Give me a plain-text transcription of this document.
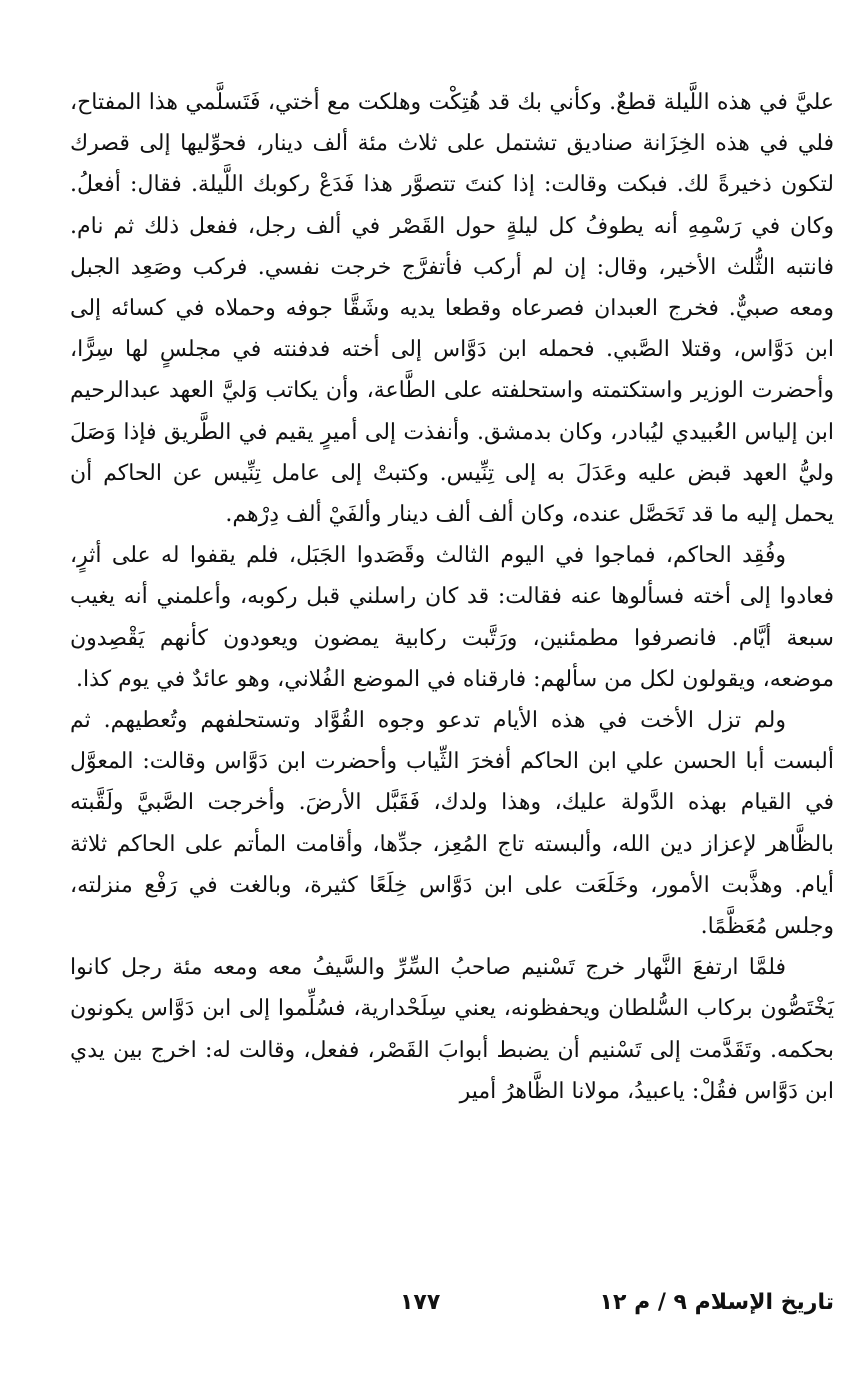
عليَّ في هذه اللَّيلة قطعٌ. وكأني بك قد هُتِكْت وهلكت مع أختي، فَتَسلَّمي هذا المفتاح، فلي في هذه الخِزَانة صناديق تشتمل على ثلاث مئة ألف دينار، فحوِّليها إلى قصرك لتكون ذخيرةً لك. فبكت وقالت: إذا كنتَ تتصوَّر هذا فَدَعْ ركوبك اللَّيلة. فقال: أفعلُ. وكان في رَسْمِهِ أنه يطوفُ كل ليلةٍ حول القَصْر في ألف رجل، ففعل ذلك ثم نام. فانتبه الثُّلث الأخير، وقال: إن لم أركب فأتفرَّج خرجت نفسي. فركب وصَعِد الجبل ومعه صبيٌّ. فخرج العبدان فصرعاه وقطعا يديه وشَقَّا جوفه وحملاه في كسائه إلى ابن دَوَّاس، وقتلا الصَّبي. فحمله ابن دَوَّاس إلى أخته فدفنته في مجلسٍ لها سِرًّا، وأحضرت الوزير واستكتمته واستحلفته على الطَّاعة، وأن يكاتب وَليَّ العهد عبدالرحيم ابن إلياس العُبيدي ليُبادر، وكان بدمشق. وأنفذت إلى أميرٍ يقيم في الطَّريق فإذا وَصَلَ وليُّ العهد قبض عليه وعَدَلَ به إلى تِنِّيس. وكتبتْ إلى عامل تِنِّيس عن الحاكم أن يحمل إليه ما قد تَحَصَّل عنده، وكان ألف ألف دينار وألفَيْ ألف دِرْهم.

وفُقِد الحاكم، فماجوا في اليوم الثالث وقَصَدوا الجَبَل، فلم يقفوا له على أثرٍ، فعادوا إلى أخته فسألوها عنه فقالت: قد كان راسلني قبل ركوبه، وأعلمني أنه يغيب سبعة أيَّام. فانصرفوا مطمئنين، ورَتَّبت ركابية يمضون ويعودون كأنهم يَقْصِدون موضعه، ويقولون لكل من سألهم: فارقناه في الموضع الفُلاني، وهو عائدٌ في يوم كذا.

ولم تزل الأخت في هذه الأيام تدعو وجوه القُوَّاد وتستحلفهم وتُعطيهم. ثم ألبست أبا الحسن علي ابن الحاكم أفخرَ الثِّياب وأحضرت ابن دَوَّاس وقالت: المعوَّل في القيام بهذه الدَّولة عليك، وهذا ولدك، فَقَبَّل الأرضَ. وأخرجت الصَّبيَّ ولَقَّبته بالظَّاهر لإعزاز دين الله، وألبسته تاج المُعِز، جدِّها، وأقامت المأتم على الحاكم ثلاثة أيام. وهذَّبت الأمور، وخَلَعَت على ابن دَوَّاس خِلَعًا كثيرة، وبالغت في رَفْع منزلته، وجلس مُعَظَّمًا.

فلمَّا ارتفعَ النَّهار خرج تَسْنيم صاحبُ السِّرِّ والسَّيفُ معه ومعه مئة رجل كانوا يَخْتَصُّون بركاب السُّلطان ويحفظونه، يعني سِلَحْدارية، فسُلِّموا إلى ابن دَوَّاس يكونون بحكمه. وتَقَدَّمت إلى تَسْنيم أن يضبط أبوابَ القَصْر، ففعل، وقالت له: اخرج بين يدي ابن دَوَّاس فقُلْ: ياعبيدُ، مولانا الظَّاهرُ أمير

تاريخ الإسلام ٩ / م ١٢
١٧٧
